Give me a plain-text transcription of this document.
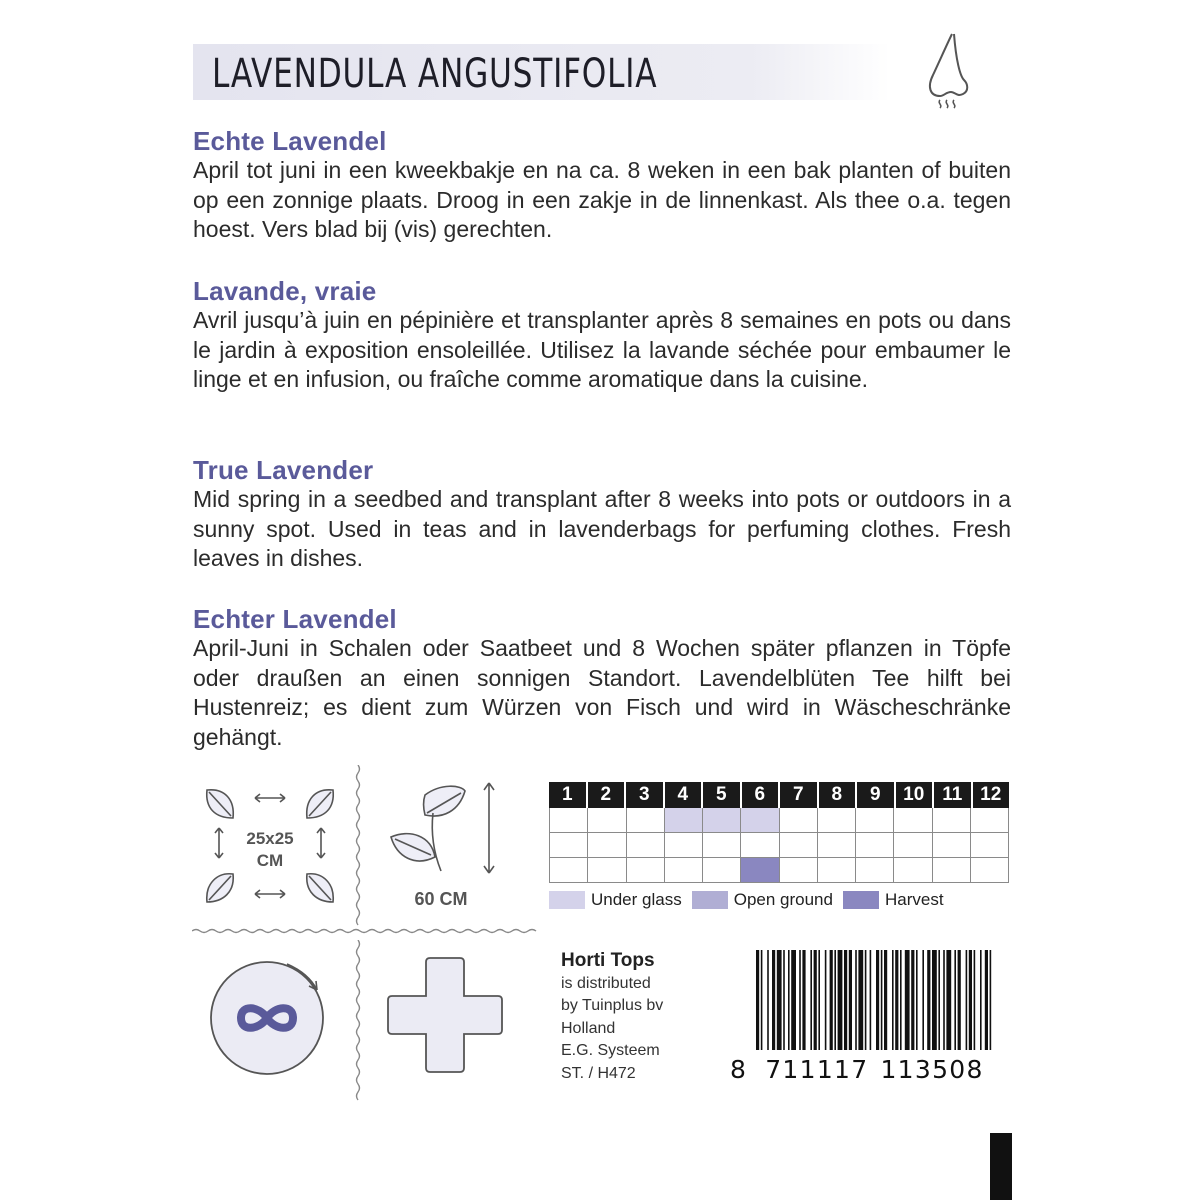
LAVENDULA ANGUSTIFOLIA
Echte Lavendel

April tot juni in een kweekbakje en na ca. 8 weken in een bak planten of buiten op een zonnige plaats. Droog in een zakje in de linnenkast. Als thee o.a. tegen hoest. Vers blad bij (vis) gerechten.

Lavande, vraie

Avril jusqu’à juin en pépinière et transplanter après 8 semaines en pots ou dans le jardin à exposition ensoleillée. Utilisez la lavande séchée pour embaumer le linge et en infusion, ou fraîche comme aromatique dans la cuisine.

True Lavender

Mid spring in a seedbed and transplant after 8 weeks into pots or outdoors in a sunny spot. Used in teas and in lavenderbags for perfuming clothes. Fresh leaves in dishes.

Echter Lavendel

April-Juni in Schalen oder Saatbeet und 8 Wochen später pflanzen in Töpfe oder draußen an einen sonnigen Standort. Lavendelblüten Tee hilft bei Hustenreiz; es dient zum Würzen von Fisch und wird in Wäscheschränke gehängt.

25x25
CM
60 CM
1	2	3	4	5	6	7	8	9	10 11 12
Under glass	Open ground	Harvest
Horti Tops
is distributed
by Tuinplus bv
Holland
E.G. Systeem
ST. / H472	8 711117 113508
